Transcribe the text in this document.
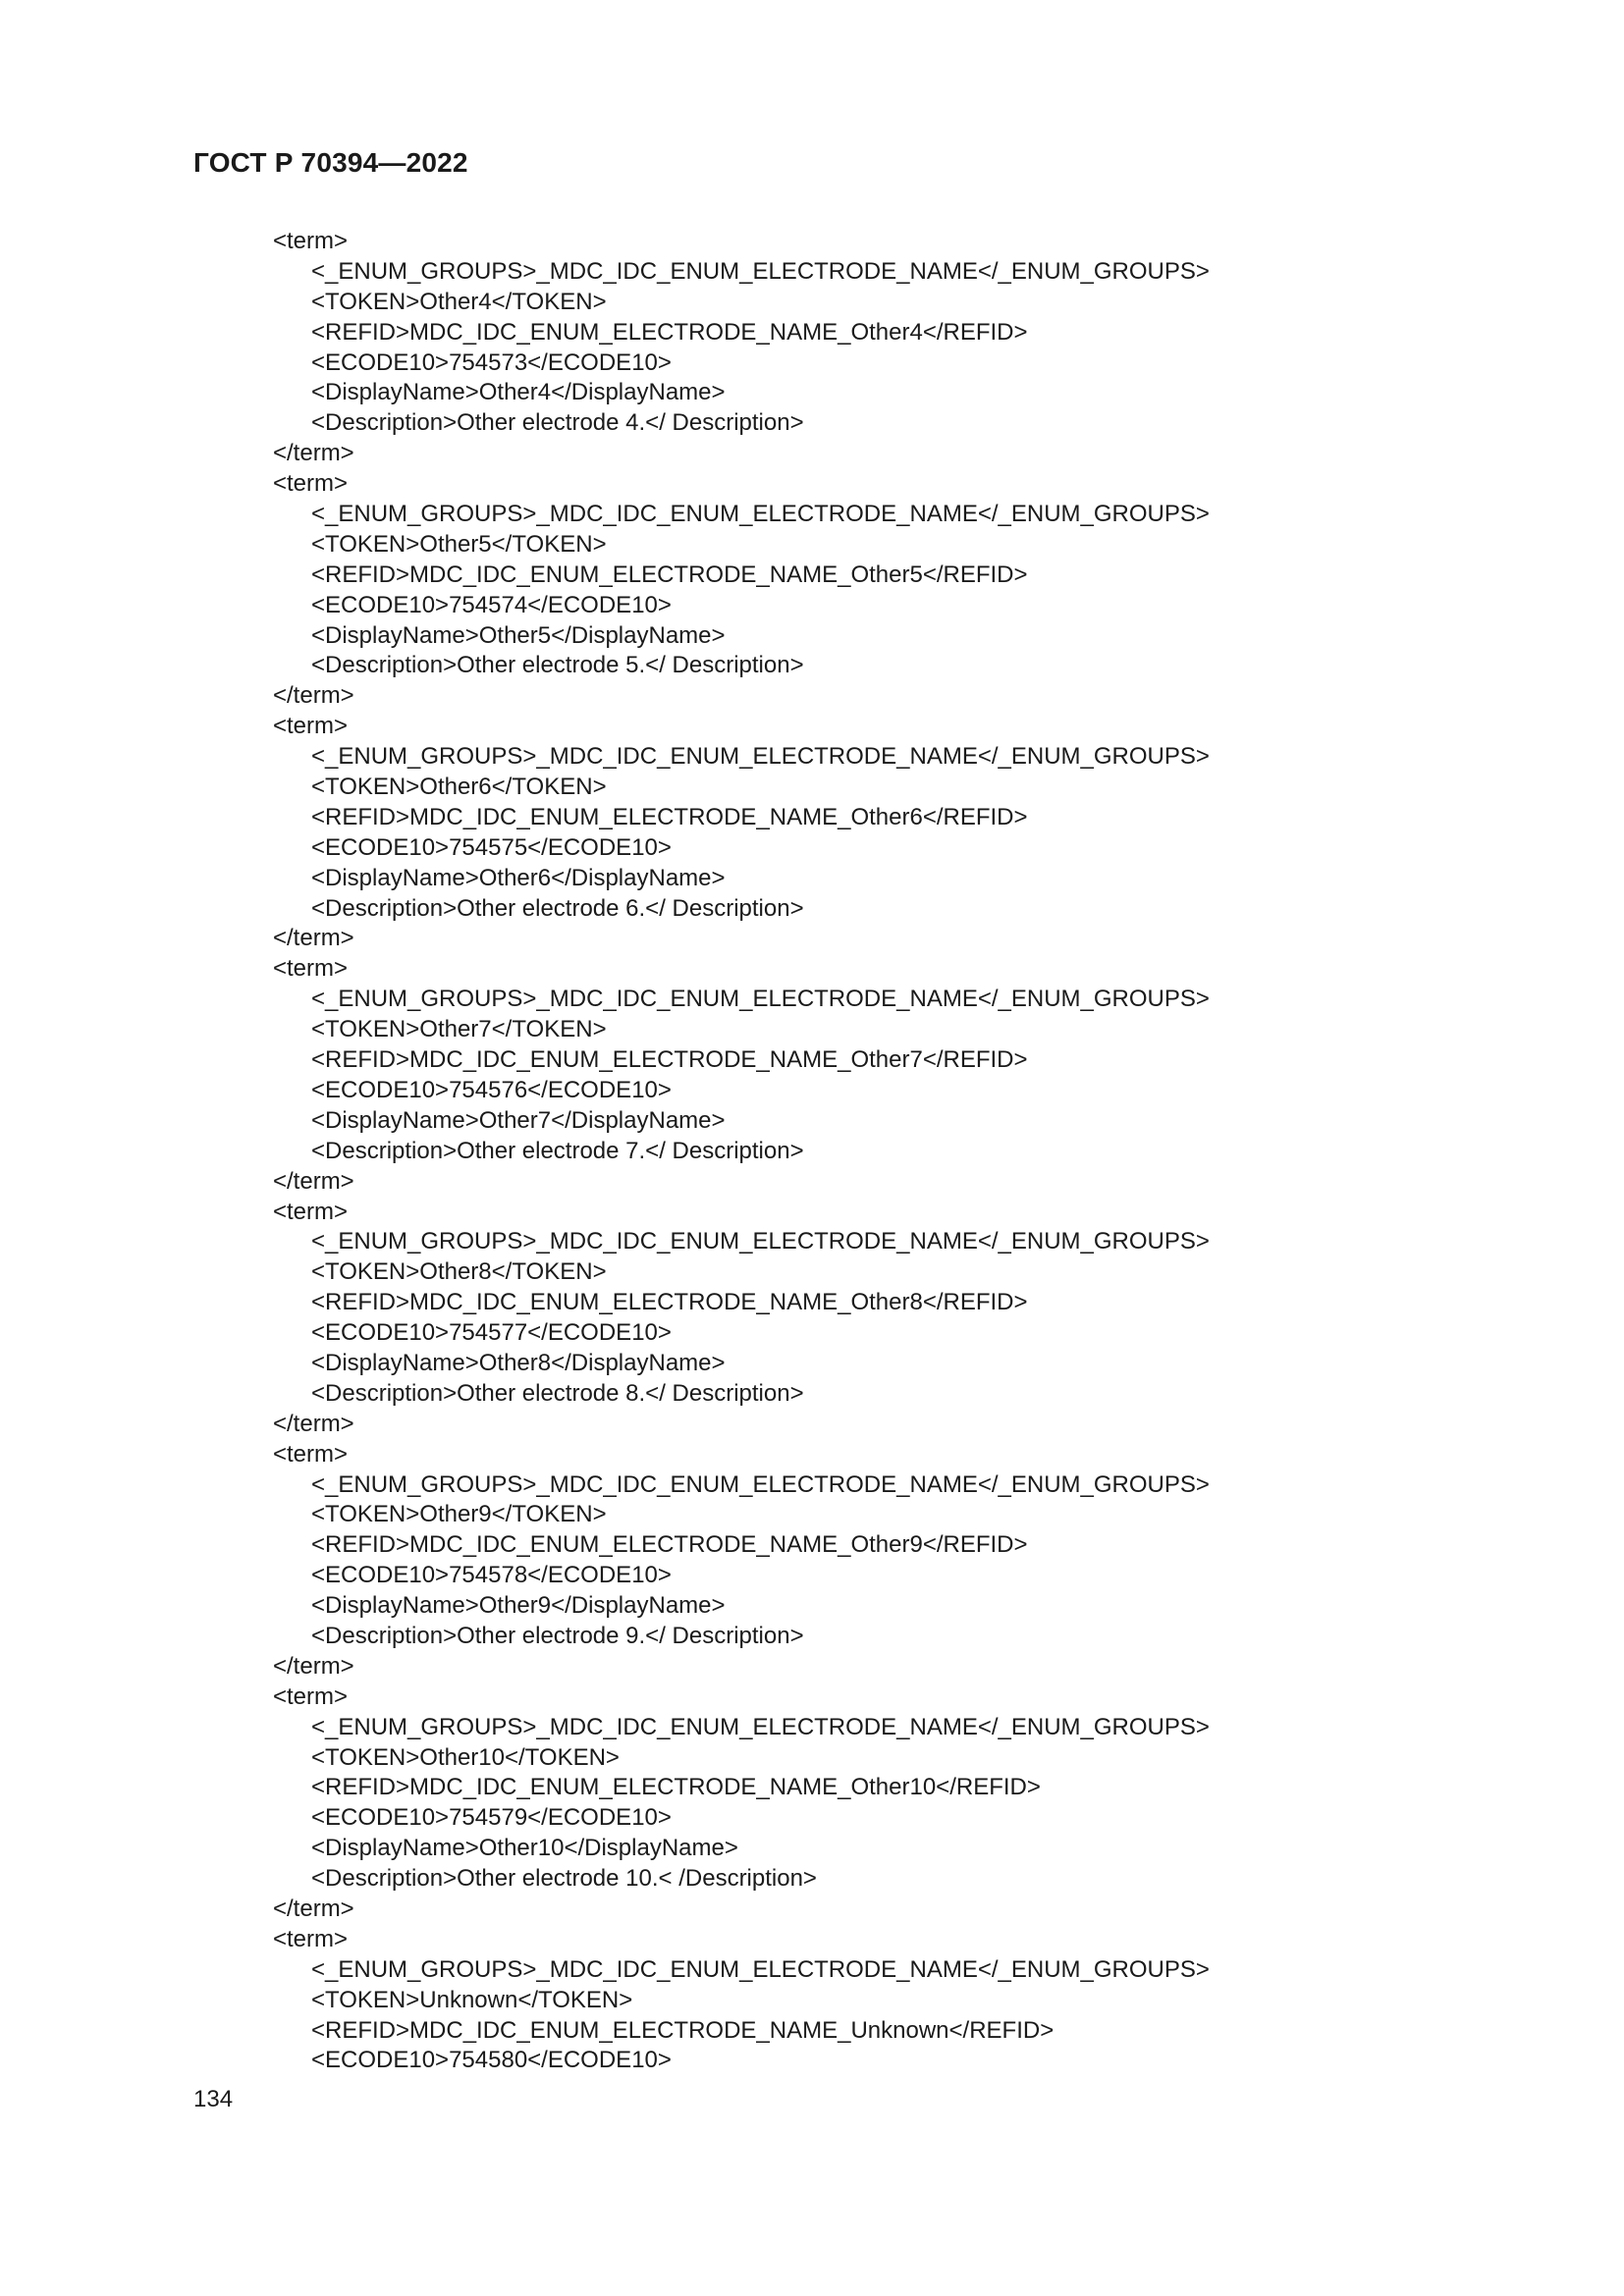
ГОСТ Р 70394—2022
<term>
<_ENUM_GROUPS>_MDC_IDC_ENUM_ELECTRODE_NAME</_ENUM_GROUPS>
<TOKEN>Other4</TOKEN>
<REFID>MDC_IDC_ENUM_ELECTRODE_NAME_Other4</REFID>
<ECODE10>754573</ECODE10>
<DisplayName>Other4</DisplayName>
<Description>Other electrode 4.</ Description>
</term>
<term>
<_ENUM_GROUPS>_MDC_IDC_ENUM_ELECTRODE_NAME</_ENUM_GROUPS>
<TOKEN>Other5</TOKEN>
<REFID>MDC_IDC_ENUM_ELECTRODE_NAME_Other5</REFID>
<ECODE10>754574</ECODE10>
<DisplayName>Other5</DisplayName>
<Description>Other electrode 5.</ Description>
</term>
<term>
<_ENUM_GROUPS>_MDC_IDC_ENUM_ELECTRODE_NAME</_ENUM_GROUPS>
<TOKEN>Other6</TOKEN>
<REFID>MDC_IDC_ENUM_ELECTRODE_NAME_Other6</REFID>
<ECODE10>754575</ECODE10>
<DisplayName>Other6</DisplayName>
<Description>Other electrode 6.</ Description>
</term>
<term>
<_ENUM_GROUPS>_MDC_IDC_ENUM_ELECTRODE_NAME</_ENUM_GROUPS>
<TOKEN>Other7</TOKEN>
<REFID>MDC_IDC_ENUM_ELECTRODE_NAME_Other7</REFID>
<ECODE10>754576</ECODE10>
<DisplayName>Other7</DisplayName>
<Description>Other electrode 7.</ Description>
</term>
<term>
<_ENUM_GROUPS>_MDC_IDC_ENUM_ELECTRODE_NAME</_ENUM_GROUPS>
<TOKEN>Other8</TOKEN>
<REFID>MDC_IDC_ENUM_ELECTRODE_NAME_Other8</REFID>
<ECODE10>754577</ECODE10>
<DisplayName>Other8</DisplayName>
<Description>Other electrode 8.</ Description>
</term>
<term>
<_ENUM_GROUPS>_MDC_IDC_ENUM_ELECTRODE_NAME</_ENUM_GROUPS>
<TOKEN>Other9</TOKEN>
<REFID>MDC_IDC_ENUM_ELECTRODE_NAME_Other9</REFID>
<ECODE10>754578</ECODE10>
<DisplayName>Other9</DisplayName>
<Description>Other electrode 9.</ Description>
</term>
<term>
<_ENUM_GROUPS>_MDC_IDC_ENUM_ELECTRODE_NAME</_ENUM_GROUPS>
<TOKEN>Other10</TOKEN>
<REFID>MDC_IDC_ENUM_ELECTRODE_NAME_Other10</REFID>
<ECODE10>754579</ECODE10>
<DisplayName>Other10</DisplayName>
<Description>Other electrode 10.< /Description>
</term>
<term>
<_ENUM_GROUPS>_MDC_IDC_ENUM_ELECTRODE_NAME</_ENUM_GROUPS>
<TOKEN>Unknown</TOKEN>
<REFID>MDC_IDC_ENUM_ELECTRODE_NAME_Unknown</REFID>
<ECODE10>754580</ECODE10>
134
